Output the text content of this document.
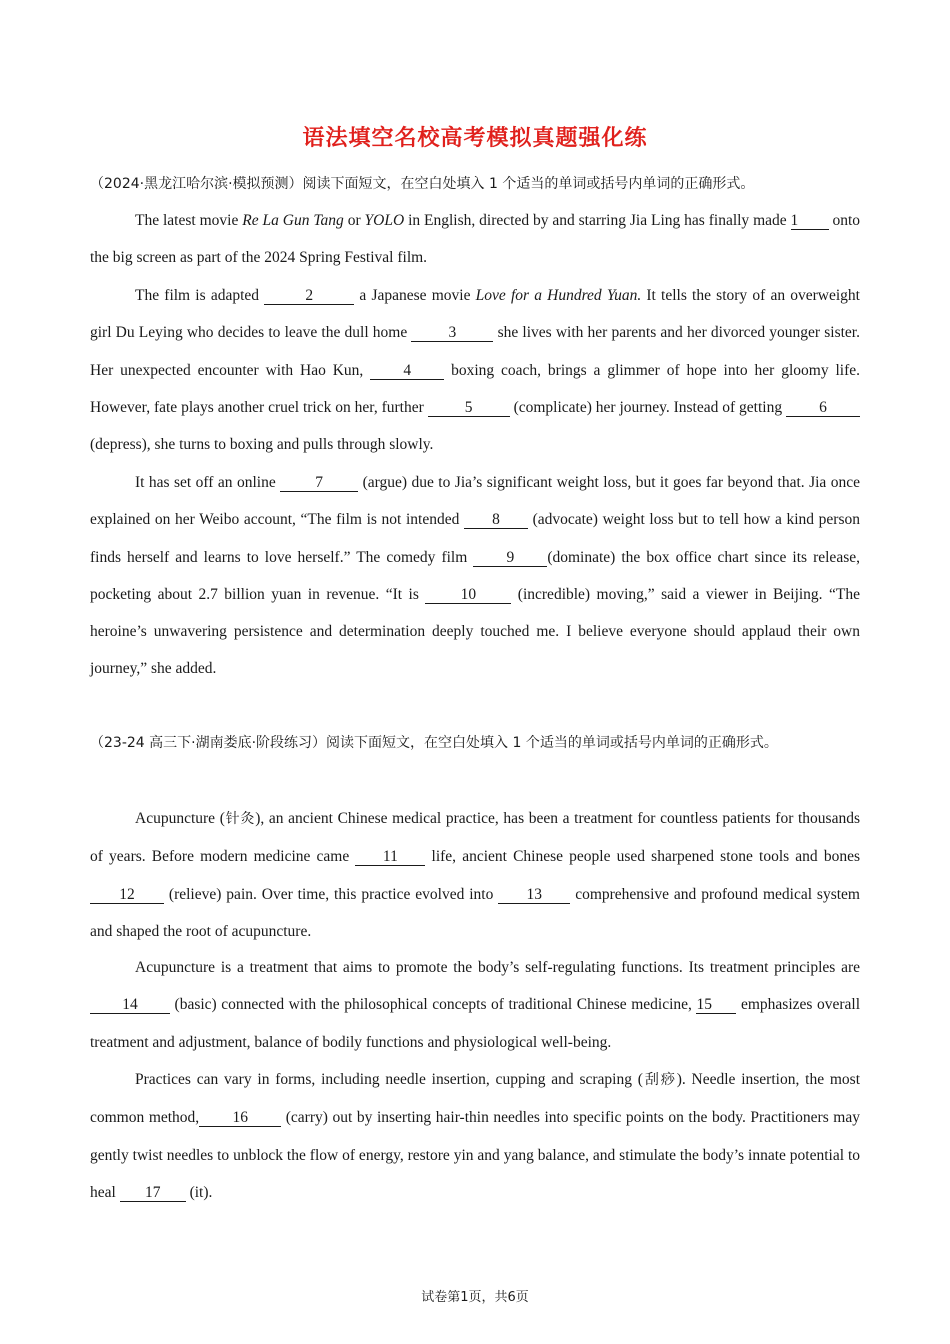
语法填空名校高考模拟真题强化练
（2024·黑龙江哈尔滨·模拟预测）阅读下面短文，在空白处填入 1 个适当的单词或括号内单词的正确形式。
The latest movie Re La Gun Tang or YOLO in English, directed by and starring Jia Ling has finally made 1 onto the big screen as part of the 2024 Spring Festival film.
The film is adapted	2	a Japanese movie Love for a Hundred Yuan. It tells the story of an overweight girl Du Leying who decides to leave the dull home 3 she lives with her parents and her divorced younger sister. Her unexpected encounter with Hao Kun, 4 boxing coach, brings a glimmer of hope into her gloomy life. However, fate plays another cruel trick on her, further 5 (complicate) her journey. Instead of getting 6 (depress), she turns to boxing and pulls through slowly.
It has set off an online 7 (argue) due to Jia’s significant weight loss, but it goes far beyond that. Jia once explained on her Weibo account, “The film is not intended 8 (advocate) weight loss but to tell how a kind person finds herself and learns to love herself.” The comedy film 9 (dominate) the box office chart since its release, pocketing about 2.7 billion yuan in revenue. “It is 10 (incredible) moving,” said a viewer in Beijing. “The heroine’s unwavering persistence and determination deeply touched me. I believe everyone should applaud their own journey,” she added.
（23-24 高三下·湖南娄底·阶段练习）阅读下面短文，在空白处填入 1 个适当的单词或括号内单词的正确形式。
Acupuncture (针灸), an ancient Chinese medical practice, has been a treatment for countless patients for thousands of years. Before modern medicine came 11 life, ancient Chinese people used sharpened stone tools and bones 12 (relieve) pain. Over time, this practice evolved into 13 comprehensive and profound medical system and shaped the root of acupuncture.
Acupuncture is a treatment that aims to promote the body’s self-regulating functions. Its treatment principles are 14 (basic) connected with the philosophical concepts of traditional Chinese medicine, 15 emphasizes overall treatment and adjustment, balance of bodily functions and physiological well-being.
Practices can vary in forms, including needle insertion, cupping and scraping (刮痧). Needle insertion, the most common method, 16 (carry) out by inserting hair-thin needles into specific points on the body. Practitioners may gently twist needles to unblock the flow of energy, restore yin and yang balance, and stimulate the body’s innate potential to heal 17 (it).
试卷第1页，共6页
